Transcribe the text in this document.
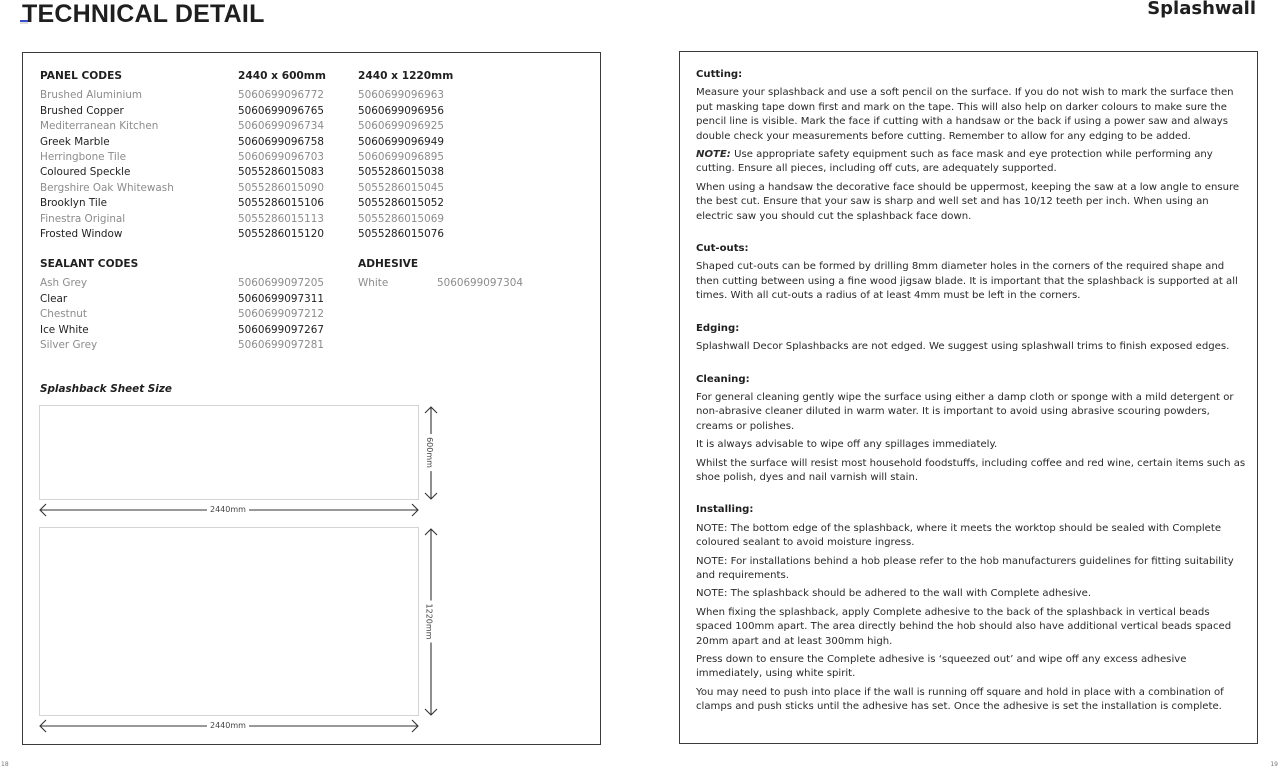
TECHNICAL DETAIL	Splashwall
PANEL CODES	2440 x 600mm	2440 x 1220mm
Brushed Aluminium	5060699096772	5060699096963
Brushed Copper	5060699096765	5060699096956
Mediterranean Kitchen	5060699096734	5060699096925
Greek Marble	5060699096758	5060699096949
Herringbone Tile	5060699096703	5060699096895
Coloured Speckle	5055286015083	5055286015038
Bergshire Oak Whitewash	5055286015090	5055286015045
Brooklyn Tile	5055286015106	5055286015052
Finestra Original	5055286015113	5055286015069
Frosted Window	5055286015120	5055286015076
SEALANT CODES
Ash Grey	5060699097205
Clear	5060699097311
Chestnut	5060699097212
Ice White	5060699097267
Silver Grey	5060699097281
ADHESIVE
White	5060699097304
Splashback Sheet Size
600mm
2440mm
1220mm
2440mm
Cutting:

Measure your splashback and use a soft pencil on the surface. If you do not wish to mark the surface then put masking tape down first and mark on the tape. This will also help on darker colours to make sure the pencil line is visible. Mark the face if cutting with a handsaw or the back if using a power saw and always double check your measurements before cutting. Remember to allow for any edging to be added.

NOTE: Use appropriate safety equipment such as face mask and eye protection while performing any cutting. Ensure all pieces, including off cuts, are adequately supported.

When using a handsaw the decorative face should be uppermost, keeping the saw at a low angle to ensure the best cut. Ensure that your saw is sharp and well set and has 10/12 teeth per inch. When using an electric saw you should cut the splashback face down.

Cut-outs:

Shaped cut-outs can be formed by drilling 8mm diameter holes in the corners of the required shape and then cutting between using a fine wood jigsaw blade. It is important that the splashback is supported at all times. With all cut-outs a radius of at least 4mm must be left in the corners.

Edging:

Splashwall Decor Splashbacks are not edged. We suggest using splashwall trims to finish exposed edges.

Cleaning:

For general cleaning gently wipe the surface using either a damp cloth or sponge with a mild detergent or non-abrasive cleaner diluted in warm water. It is important to avoid using abrasive scouring powders, creams or polishes.

It is always advisable to wipe off any spillages immediately.

Whilst the surface will resist most household foodstuffs, including coffee and red wine, certain items such as shoe polish, dyes and nail varnish will stain.

Installing:

NOTE: The bottom edge of the splashback, where it meets the worktop should be sealed with Complete coloured sealant to avoid moisture ingress.

NOTE: For installations behind a hob please refer to the hob manufacturers guidelines for fitting suitability and requirements.

NOTE: The splashback should be adhered to the wall with Complete adhesive.

When fixing the splashback, apply Complete adhesive to the back of the splashback in vertical beads spaced 100mm apart. The area directly behind the hob should also have additional vertical beads spaced 20mm apart and at least 300mm high.

Press down to ensure the Complete adhesive is ‘squeezed out’ and wipe off any excess adhesive immediately, using white spirit.

You may need to push into place if the wall is running off square and hold in place with a combination of clamps and push sticks until the adhesive has set. Once the adhesive is set the installation is complete.

18	19
